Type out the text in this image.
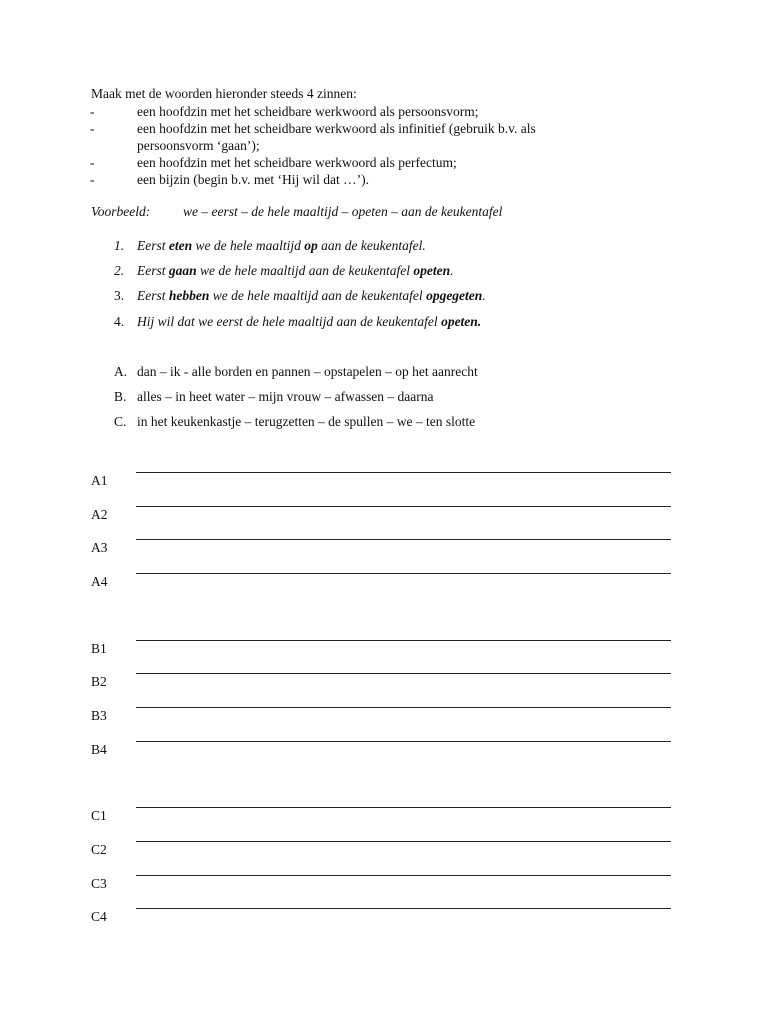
Maak met de woorden hieronder steeds 4 zinnen:
-	een hoofdzin met het scheidbare werkwoord als persoonsvorm;
-	een hoofdzin met het scheidbare werkwoord als infinitief (gebruik b.v. als
persoonsvorm ‘gaan’);
-	een hoofdzin met het scheidbare werkwoord als perfectum;
-	een bijzin (begin b.v. met ‘Hij wil dat …’).
Voorbeeld: we – eerst – de hele maaltijd – opeten – aan de keukentafel
1. Eerst eten we de hele maaltijd op aan de keukentafel.
2. Eerst gaan we de hele maaltijd aan de keukentafel opeten.
3. Eerst hebben we de hele maaltijd aan de keukentafel opgegeten.
4. Hij wil dat we eerst de hele maaltijd aan de keukentafel opeten.
A. dan – ik - alle borden en pannen – opstapelen – op het aanrecht
B. alles – in heet water – mijn vrouw – afwassen – daarna
C. in het keukenkastje – terugzetten – de spullen – we – ten slotte
A1
A2
A3
A4
B1
B2
B3
B4
C1
C2
C3
C4
